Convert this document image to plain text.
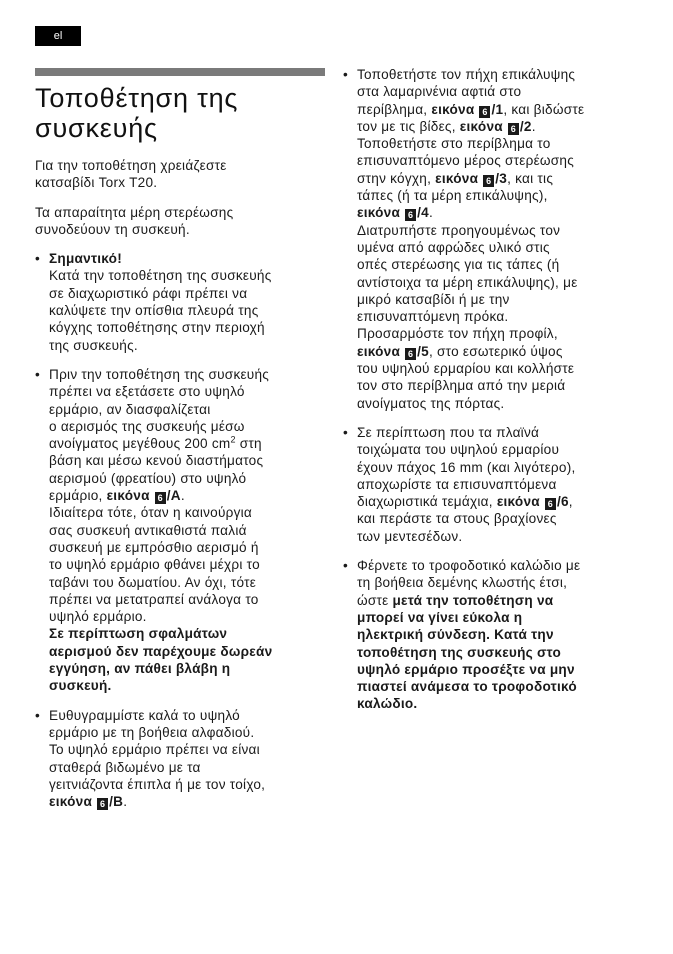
el
Τοποθέτηση της
συσκευής

Για την τοποθέτηση χρειάζεστε
κατσαβίδι Torx T20.

Τα απαραίτητα μέρη στερέωσης
συνοδεύουν τη συσκευή.

• Σημαντικό!
Κατά την τοποθέτηση της συσκευής
σε διαχωριστικό ράφι πρέπει να
καλύψετε την οπίσθια πλευρά της
κόγχης τοποθέτησης στην περιοχή
της συσκευής.
• Πριν την τοποθέτηση της συσκευής
πρέπει να εξετάσετε στο υψηλό
ερμάριο, αν διασφαλίζεται
ο αερισμός της συσκευής μέσω
ανοίγματος μεγέθους 200 $cm^2$ στη
βάση και μέσω κενού διαστήματος
αερισμού (φρεατίου) στο υψηλό
ερμάριο, εικόνα 6 /A.
Ιδιαίτερα τότε, όταν η καινούργια
σας συσκευή αντικαθιστά παλιά
συσκευή με εμπρόσθιο αερισμό ή
το υψηλό ερμάριο φθάνει μέχρι το
ταβάνι του δωματίου. Αν όχι, τότε
πρέπει να μετατραπεί ανάλογα το
υψηλό ερμάριο.
Σε περίπτωση σφαλμάτων
αερισμού δεν παρέχουμε δωρεάν
εγγύηση, αν πάθει βλάβη η
συσκευή.
• Ευθυγραμμίστε καλά το υψηλό
ερμάριο με τη βοήθεια αλφαδιού.
Το υψηλό ερμάριο πρέπει να είναι
σταθερά βιδωμένο με τα
γειτνιάζοντα έπιπλα ή με τον τοίχο,
εικόνα 6 /B.
• Τοποθετήστε τον πήχη επικάλυψης
στα λαμαρινένια αφτιά στο
περίβλημα, εικόνα 6 /1, και βιδώστε
τον με τις βίδες, εικόνα 6 /2.
Τοποθετήστε στο περίβλημα το
επισυναπτόμενο μέρος στερέωσης
στην κόγχη, εικόνα 6 /3, και τις
τάπες (ή τα μέρη επικάλυψης),
εικόνα 6 /4.
Διατρυπήστε προηγουμένως τον
υμένα από αφρώδες υλικό στις
οπές στερέωσης για τις τάπες (ή
αντίστοιχα τα μέρη επικάλυψης), με
μικρό κατσαβίδι ή με την
επισυναπτόμενη πρόκα.
Προσαρμόστε τον πήχη προφίλ,
εικόνα 6 /5, στο εσωτερικό ύψος
του υψηλού ερμαρίου και κολλήστε
τον στο περίβλημα από την μεριά
ανοίγματος της πόρτας.
• Σε περίπτωση που τα πλαϊνά
τοιχώματα του υψηλού ερμαρίου
έχουν πάχος 16 mm (και λιγότερο),
αποχωρίστε τα επισυναπτόμενα
διαχωριστικά τεμάχια, εικόνα 6 /6,
και περάστε τα στους βραχίονες
των μεντεσέδων.
• Φέρνετε το τροφοδοτικό καλώδιο με
τη βοήθεια δεμένης κλωστής έτσι,
ώστε μετά την τοποθέτηση να
μπορεί να γίνει εύκολα η
ηλεκτρική σύνδεση. Κατά την
τοποθέτηση της συσκευής στο
υψηλό ερμάριο προσέξτε να μην
πιαστεί ανάμεσα το τροφοδοτικό
καλώδιο.
